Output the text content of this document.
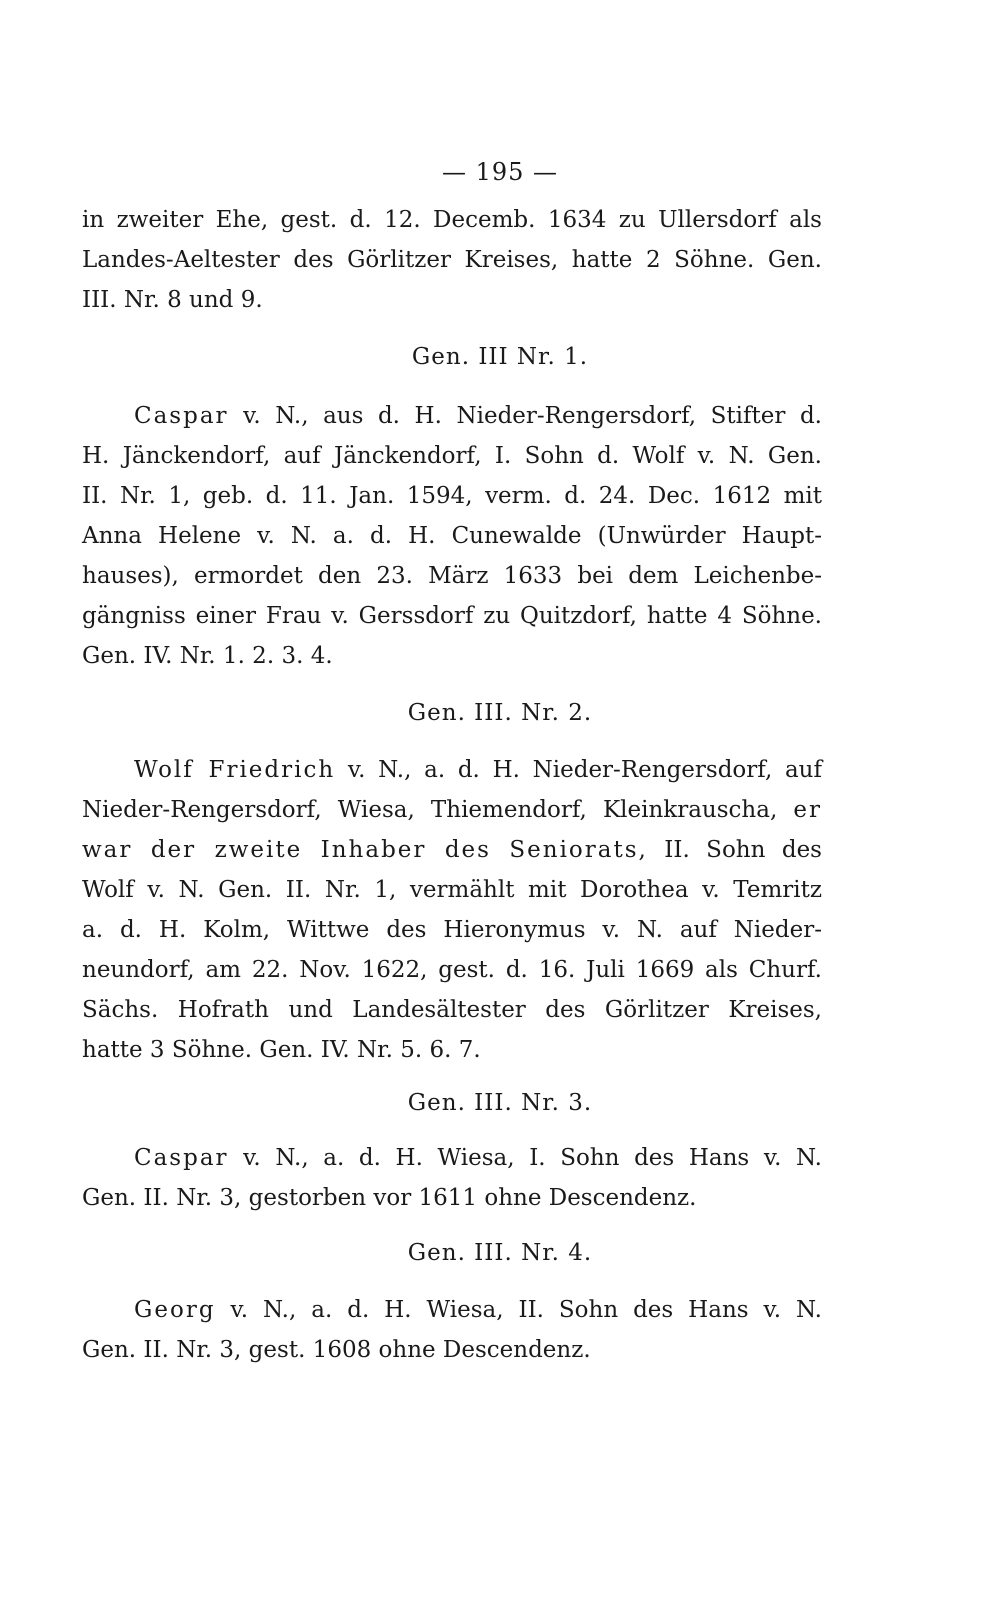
— 195 —
in zweiter Ehe, gest. d. 12. Decemb. 1634 zu Ullersdorf als
Landes-Aeltester des Görlitzer Kreises, hatte 2 Söhne. Gen.
III. Nr. 8 und 9.
Gen. III Nr. 1.
Caspar v. N., aus d. H. Nieder-Rengersdorf, Stifter d.
H. Jänckendorf, auf Jänckendorf, I. Sohn d. Wolf v. N. Gen.
II. Nr. 1, geb. d. 11. Jan. 1594, verm. d. 24. Dec. 1612 mit
Anna Helene v. N. a. d. H. Cunewalde (Unwürder Haupt-
hauses), ermordet den 23. März 1633 bei dem Leichenbe-
gängniss einer Frau v. Gerssdorf zu Quitzdorf, hatte 4 Söhne.
Gen. IV. Nr. 1. 2. 3. 4.
Gen. III. Nr. 2.
Wolf Friedrich v. N., a. d. H. Nieder-Rengersdorf, auf
Nieder-Rengersdorf, Wiesa, Thiemendorf, Kleinkrauscha, er
war der zweite Inhaber des Seniorats, II. Sohn des
Wolf v. N. Gen. II. Nr. 1, vermählt mit Dorothea v. Temritz
a. d. H. Kolm, Wittwe des Hieronymus v. N. auf Nieder-
neundorf, am 22. Nov. 1622, gest. d. 16. Juli 1669 als Churf.
Sächs. Hofrath und Landesältester des Görlitzer Kreises,
hatte 3 Söhne. Gen. IV. Nr. 5. 6. 7.
Gen. III. Nr. 3.
Caspar v. N., a. d. H. Wiesa, I. Sohn des Hans v. N.
Gen. II. Nr. 3, gestorben vor 1611 ohne Descendenz.
Gen. III. Nr. 4.
Georg v. N., a. d. H. Wiesa, II. Sohn des Hans v. N.
Gen. II. Nr. 3, gest. 1608 ohne Descendenz.
